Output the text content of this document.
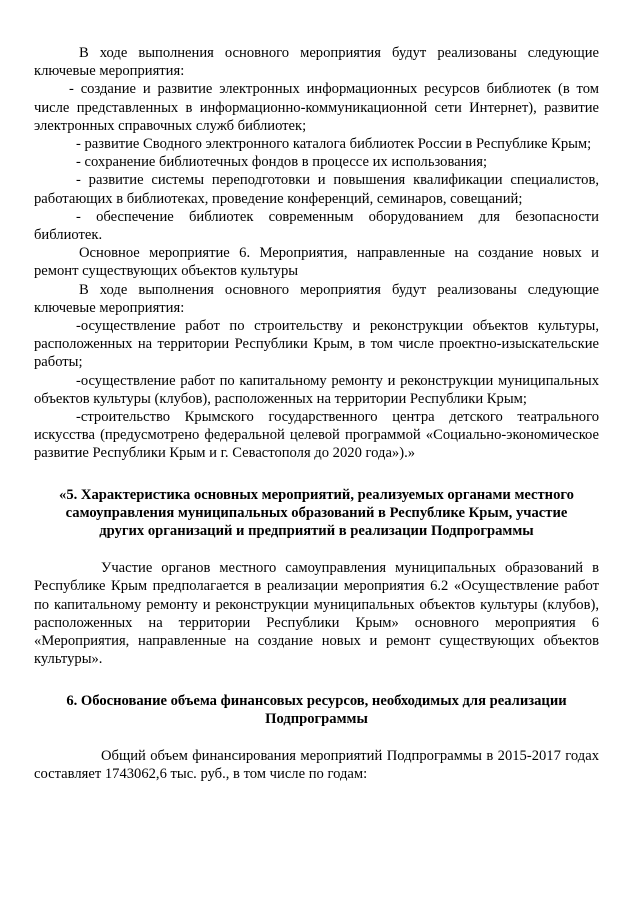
В ходе выполнения основного мероприятия будут реализованы следующие ключевые мероприятия:

- создание и развитие электронных информационных ресурсов библиотек (в том числе представленных в информационно-коммуникационной сети Интернет), развитие электронных справочных служб библиотек;

- развитие Сводного электронного каталога библиотек России в Республике Крым;

- сохранение библиотечных фондов в процессе их использования;

- развитие системы переподготовки и повышения квалификации специалистов, работающих в библиотеках, проведение конференций, семинаров, совещаний;

- обеспечение библиотек современным оборудованием для безопасности библиотек.

Основное мероприятие 6. Мероприятия, направленные на создание новых и ремонт существующих объектов культуры

В ходе выполнения основного мероприятия будут реализованы следующие ключевые мероприятия:

-осуществление работ по строительству и реконструкции объектов культуры, расположенных на территории Республики Крым, в том числе проектно-изыскательские работы;

-осуществление работ по капитальному ремонту и реконструкции муниципальных объектов культуры (клубов), расположенных на территории Республики Крым;

-строительство Крымского государственного центра детского театрального искусства (предусмотрено федеральной целевой программой «Социально-экономическое развитие Республики Крым и г. Севастополя до 2020 года»).»

«5. Характеристика основных мероприятий, реализуемых органами местного самоуправления муниципальных образований в Республике Крым, участие других организаций и предприятий в реализации Подпрограммы

Участие органов местного самоуправления муниципальных образований в Республике Крым предполагается в реализации мероприятия 6.2 «Осуществление работ по капитальному ремонту и реконструкции муниципальных объектов культуры (клубов), расположенных на территории Республики Крым» основного мероприятия 6 «Мероприятия, направленные на создание новых и ремонт существующих объектов культуры».

6. Обоснование объема финансовых ресурсов, необходимых для реализации Подпрограммы

Общий объем финансирования мероприятий Подпрограммы в 2015-2017 годах составляет 1743062,6 тыс. руб., в том числе по годам:
